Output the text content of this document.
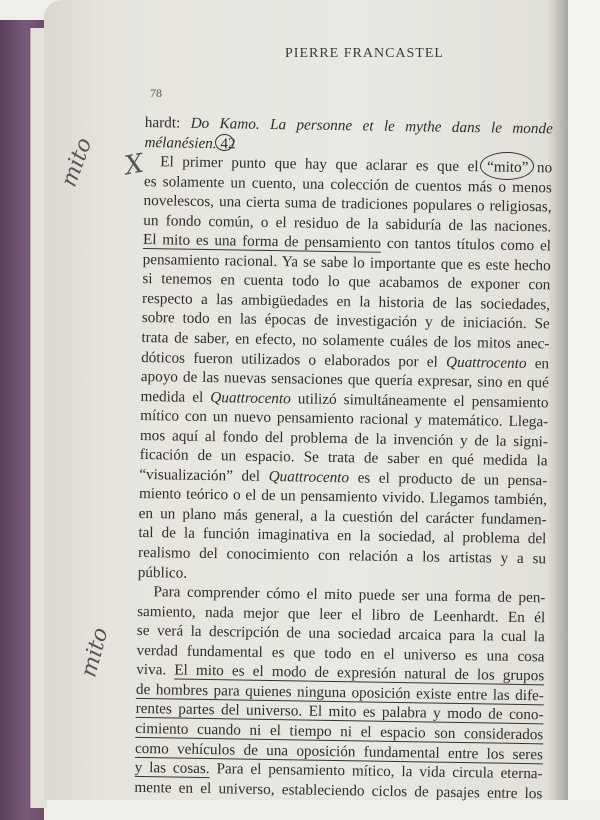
PIERRE FRANCASTEL
78
hardt: Do Kamo. La personne et le mythe dans le monde
mélanésien. 42
El primer punto que hay que aclarar es que el “mito” no
es solamente un cuento, una colección de cuentos más o menos
novelescos, una cierta suma de tradiciones populares o religiosas,
un fondo común, o el residuo de la sabiduría de las naciones.
El mito es una forma de pensamiento con tantos títulos como el
pensamiento racional. Ya se sabe lo importante que es este hecho
si tenemos en cuenta todo lo que acabamos de exponer con
respecto a las ambigüedades en la historia de las sociedades,
sobre todo en las épocas de investigación y de iniciación. Se
trata de saber, en efecto, no solamente cuáles de los mitos anec-
dóticos fueron utilizados o elaborados por el Quattrocento en
apoyo de las nuevas sensaciones que quería expresar, sino en qué
medida el Quattrocento utilizó simultáneamente el pensamiento
mítico con un nuevo pensamiento racional y matemático. Llega-
mos aquí al fondo del problema de la invención y de la signi-
ficación de un espacio. Se trata de saber en qué medida la
“visualización” del Quattrocento es el producto de un pensa-
miento teórico o el de un pensamiento vivido. Llegamos también,
en un plano más general, a la cuestión del carácter fundamen-
tal de la función imaginativa en la sociedad, al problema del
realismo del conocimiento con relación a los artistas y a su
público.
Para comprender cómo el mito puede ser una forma de pen-
samiento, nada mejor que leer el libro de Leenhardt. En él
se verá la descripción de una sociedad arcaica para la cual la
verdad fundamental es que todo en el universo es una cosa
viva. El mito es el modo de expresión natural de los grupos
de hombres para quienes ninguna oposición existe entre las dife-
rentes partes del universo. El mito es palabra y modo de cono-
cimiento cuando ni el tiempo ni el espacio son considerados
como vehículos de una oposición fundamental entre los seres
y las cosas. Para el pensamiento mítico, la vida circula eterna-
mente en el universo, estableciendo ciclos de pasajes entre los
mito X
mito
